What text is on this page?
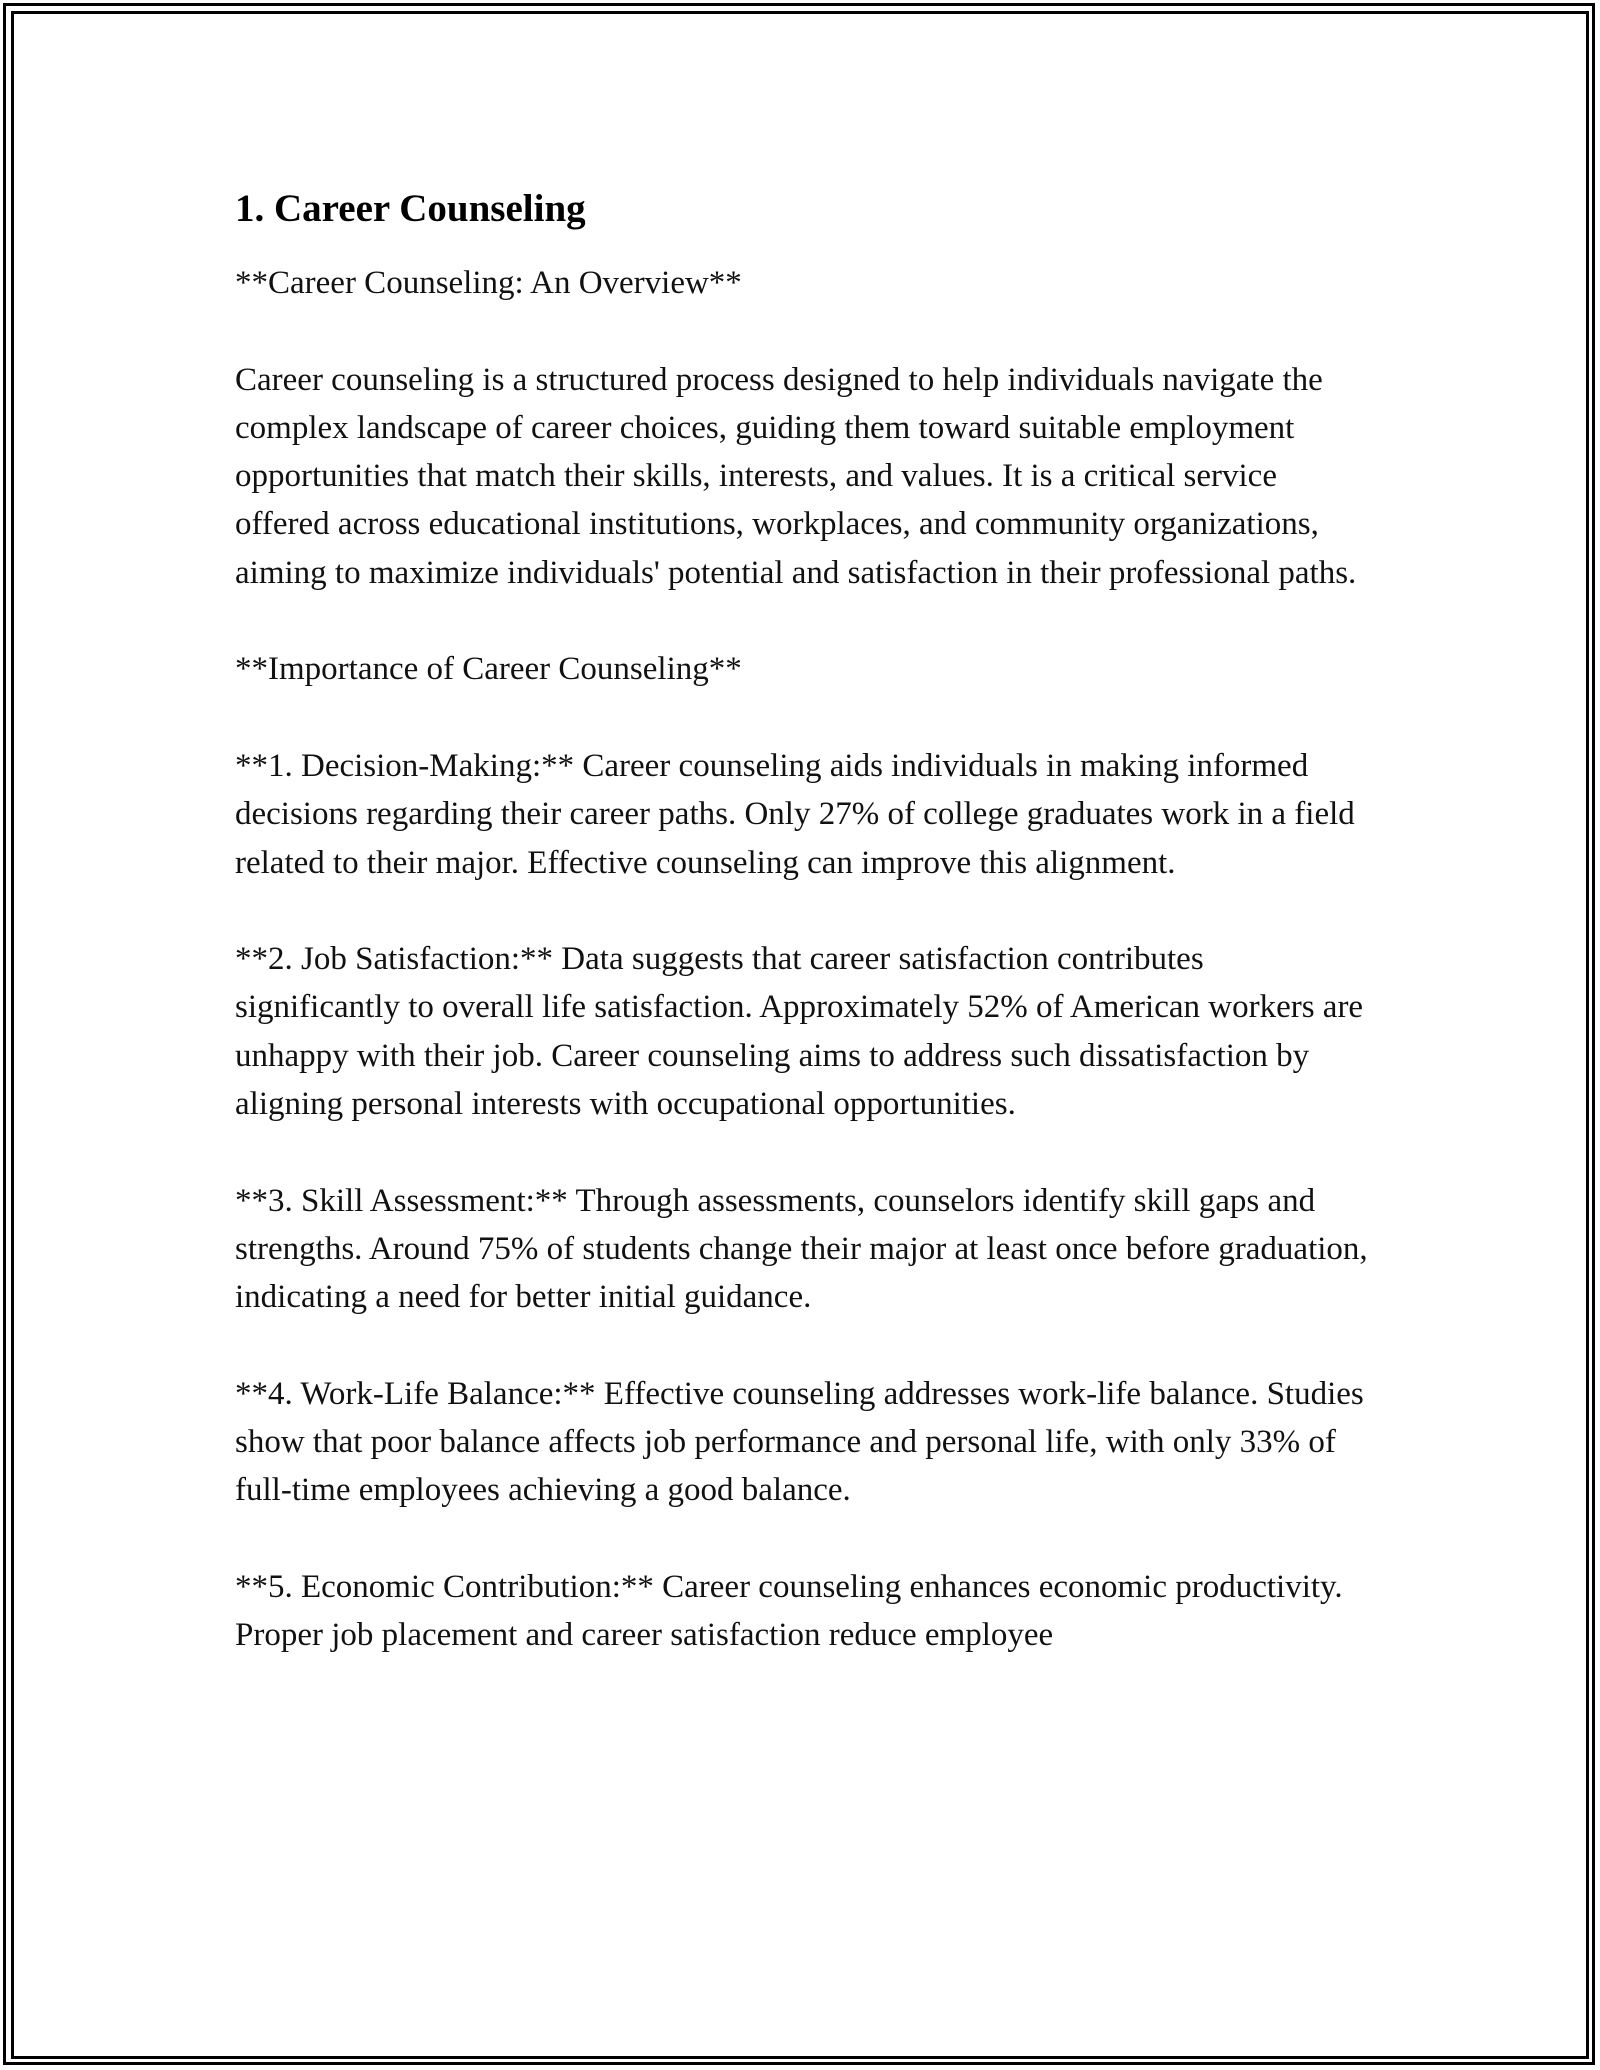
1. Career Counseling

**Career Counseling: An Overview**

Career counseling is a structured process designed to help individuals navigate the complex landscape of career choices, guiding them toward suitable employment opportunities that match their skills, interests, and values. It is a critical service offered across educational institutions, workplaces, and community organizations, aiming to maximize individuals' potential and satisfaction in their professional paths.

**Importance of Career Counseling**

**1. Decision-Making:** Career counseling aids individuals in making informed decisions regarding their career paths. Only 27% of college graduates work in a field related to their major. Effective counseling can improve this alignment.

**2. Job Satisfaction:** Data suggests that career satisfaction contributes significantly to overall life satisfaction. Approximately 52% of American workers are unhappy with their job. Career counseling aims to address such dissatisfaction by aligning personal interests with occupational opportunities.

**3. Skill Assessment:** Through assessments, counselors identify skill gaps and strengths. Around 75% of students change their major at least once before graduation, indicating a need for better initial guidance.

**4. Work-Life Balance:** Effective counseling addresses work-life balance. Studies show that poor balance affects job performance and personal life, with only 33% of full-time employees achieving a good balance.

**5. Economic Contribution:** Career counseling enhances economic productivity. Proper job placement and career satisfaction reduce employee
